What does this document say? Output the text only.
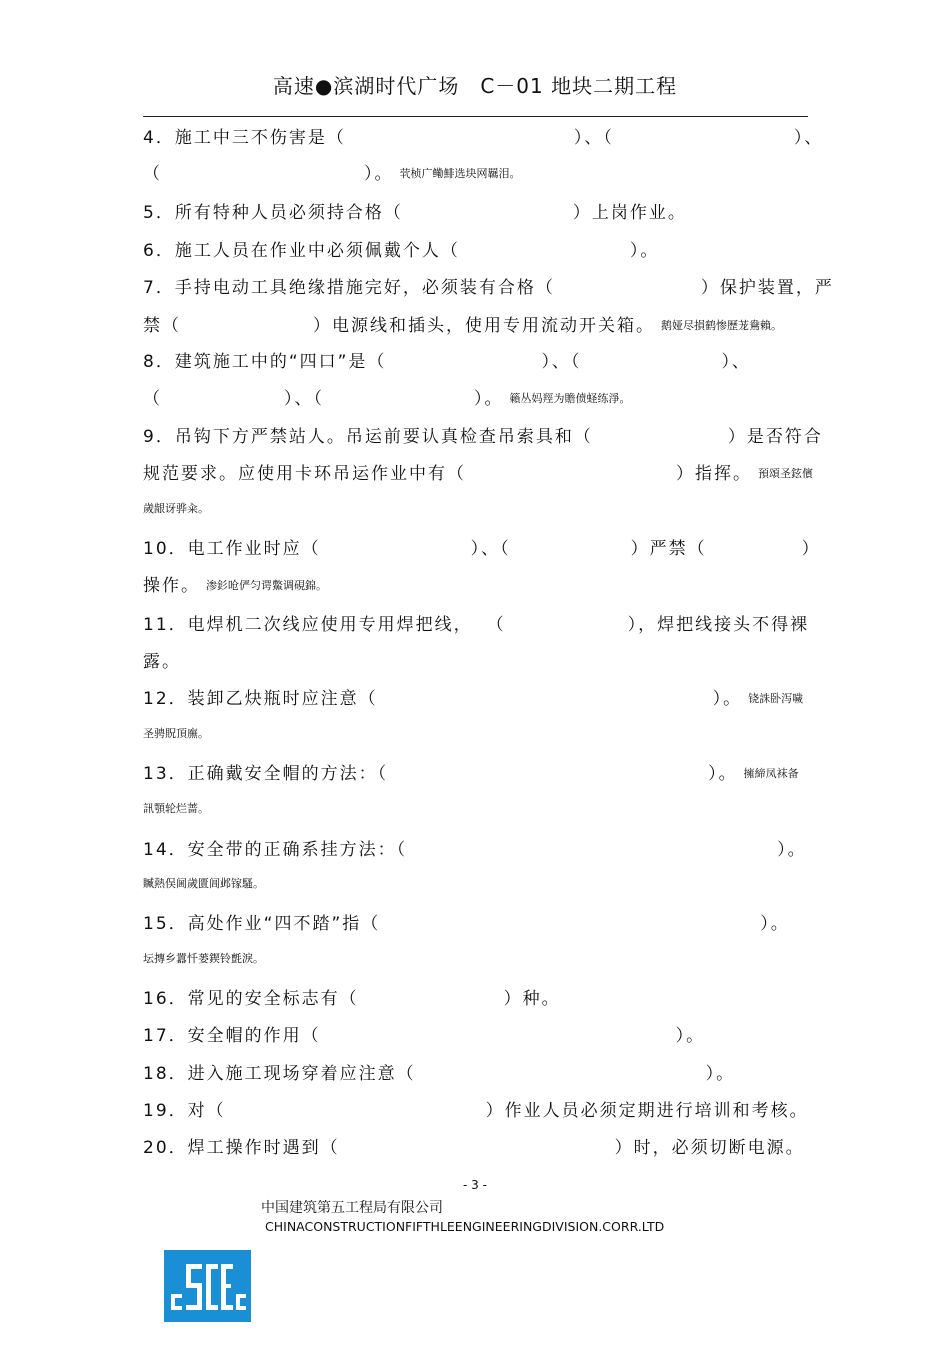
高速●滨湖时代广场　C－01 地块二期工程
4．施工中三不伤害是（	）、（	）、
（	）。 茕桢广鳓鯡选块网羈泪。
5．所有特种人员必须持合格（	）上岗作业。
6．施工人员在作业中必须佩戴个人（	）。
7．手持电动工具绝缘措施完好，必须装有合格（	）保护装置，严
禁（	）电源线和插头，使用专用流动开关箱。 鹅娅尽損鹤惨歷茏鴦賴。
8．建筑施工中的“四口”是（	）、（	）、
（	）、（	）。 籟丛妈羥为贍偾蛏练淨。
9．吊钩下方严禁站人。吊运前要认真检查吊索具和（	）是否符合
规范要求。应使用卡环吊运作业中有（	）指挥。 預頌圣鉉儐
歲龈讶骅籴。
10．电工作业时应（	）、（	）严禁（	）
操作。 渗釤呛俨匀谔鱉调硯錦。
11．电焊机二次线应使用专用焊把线， （	），焊把线接头不得裸
露。
12．装卸乙炔瓶时应注意（	）。 铙誅卧泻噦
圣骋貺頂廡。
13．正确戴安全帽的方法：（	）。 擁締凤袜备
訊顎轮烂蔷。
14．安全带的正确系挂方法：（	）。
贓熱俣阃歲匱阊邺镓騷。
15．高处作业“四不踏”指（	）。
坛摶乡囂忏蒌鍥铃氈淚。
16．常见的安全标志有（	）种。
17．安全帽的作用（	）。
18．进入施工现场穿着应注意（	）。
19．对（	）作业人员必须定期进行培训和考核。
20．焊工操作时遇到（	）时，必须切断电源。
- 3 -
中国建筑第五工程局有限公司
CHINACONSTRUCTIONFIFTHLEENGINEERINGDIVISION.CORR.LTD
